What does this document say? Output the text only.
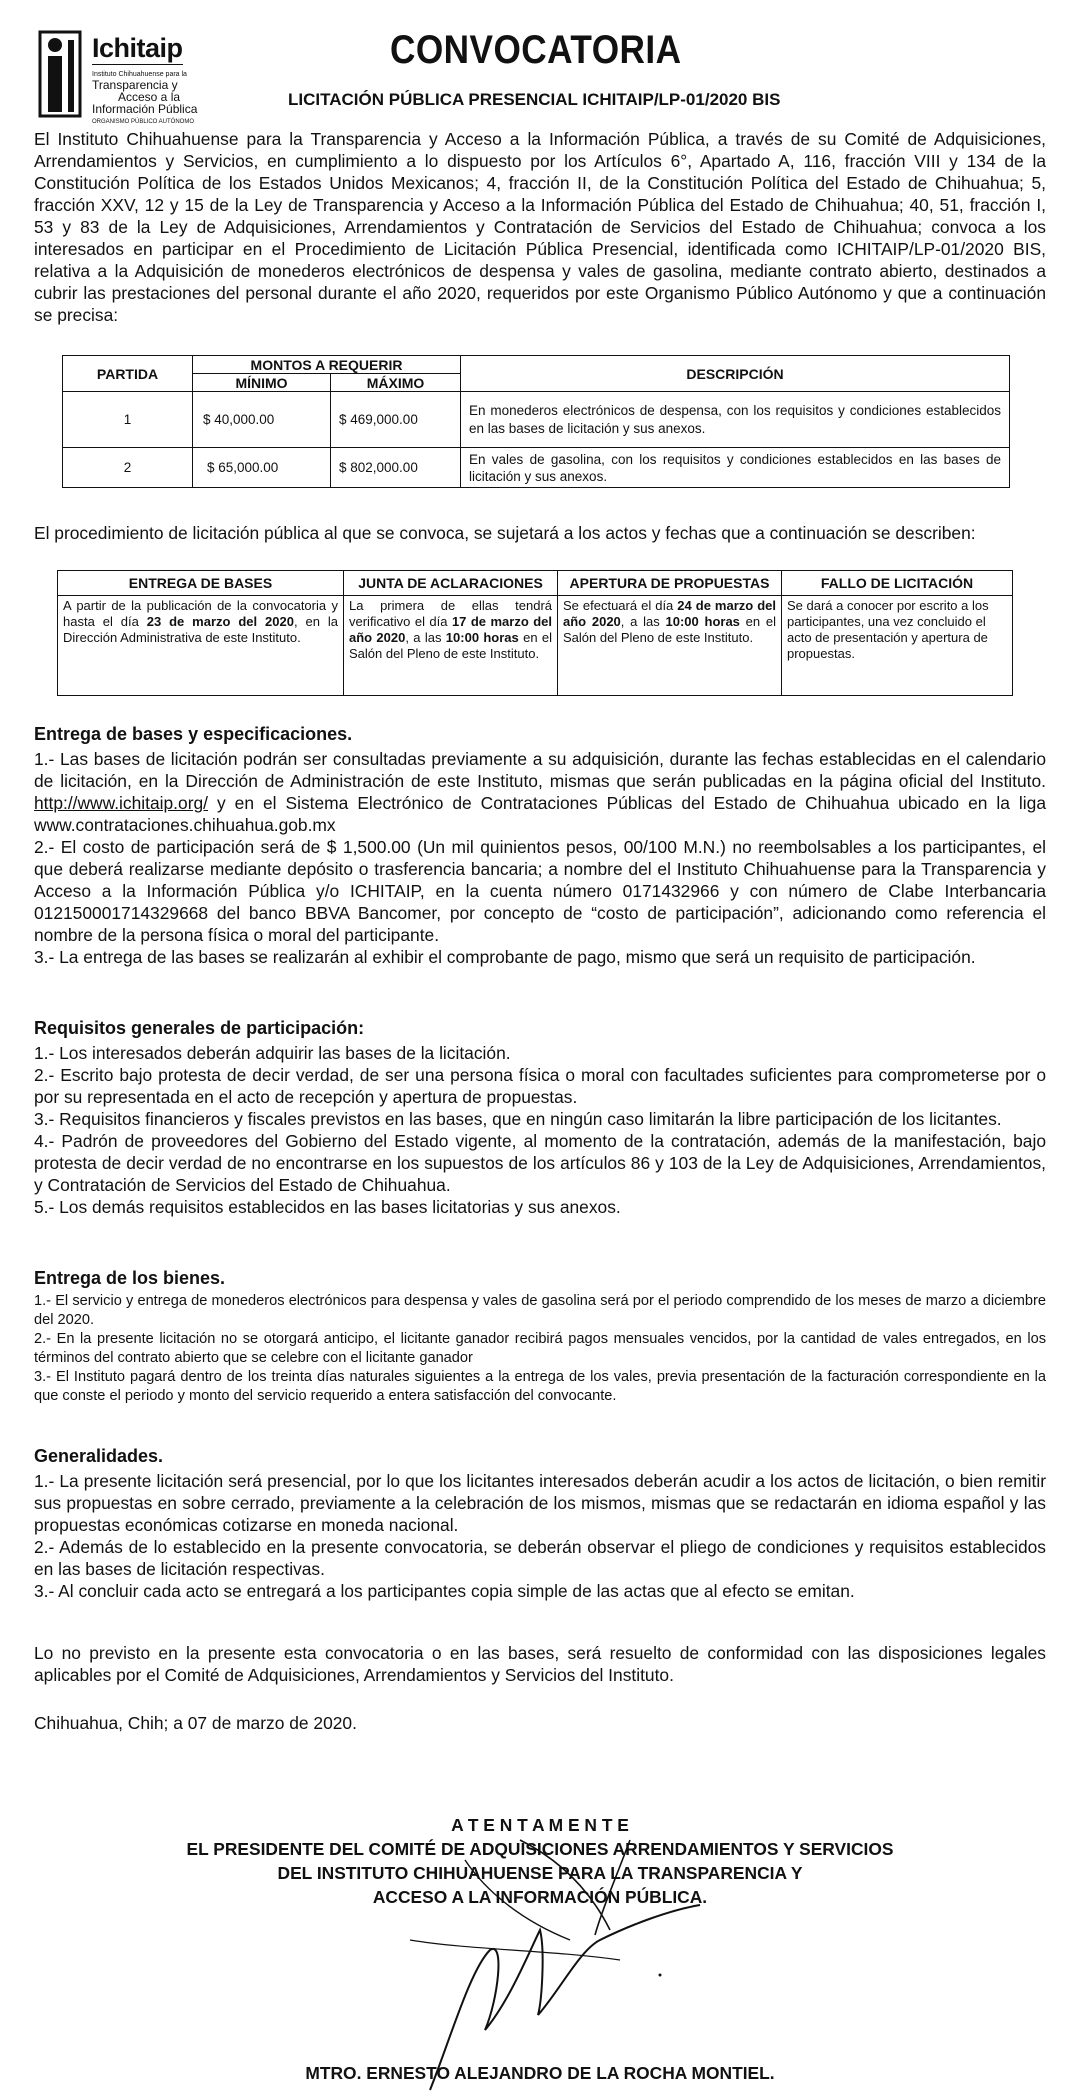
Ichitaip
Instituto Chihuahuense para la
Transparencia y
Acceso a la
Información Pública
ORGANISMO PÚBLICO AUTÓNOMO
CONVOCATORIA
LICITACIÓN PÚBLICA PRESENCIAL ICHITAIP/LP-01/2020 BIS

El Instituto Chihuahuense para la Transparencia y Acceso a la Información Pública, a través de su Comité de Adquisiciones, Arrendamientos y Servicios, en cumplimiento a lo dispuesto por los Artículos 6°, Apartado A, 116, fracción VIII y 134 de la Constitución Política de los Estados Unidos Mexicanos; 4, fracción II, de la Constitución Política del Estado de Chihuahua; 5, fracción XXV, 12 y 15 de la Ley de Transparencia y Acceso a la Información Pública del Estado de Chihuahua; 40, 51, fracción I, 53 y 83 de la Ley de Adquisiciones, Arrendamientos y Contratación de Servicios del Estado de Chihuahua; convoca a los interesados en participar en el Procedimiento de Licitación Pública Presencial, identificada como ICHITAIP/LP-01/2020 BIS, relativa a la Adquisición de monederos electrónicos de despensa y vales de gasolina, mediante contrato abierto, destinados a cubrir las prestaciones del personal durante el año 2020, requeridos por este Organismo Público Autónomo y que a continuación se precisa:

PARTIDA	MONTOS A REQUERIR		DESCRIPCIÓN
	MÍNIMO	MÁXIMO	
1	$ 40,000.00	$ 469,000.00	En monederos electrónicos de despensa, con los requisitos y condiciones establecidos en las bases de licitación y sus anexos.
2	$ 65,000.00	$ 802,000.00	En vales de gasolina, con los requisitos y condiciones establecidos en las bases de licitación y sus anexos.

El procedimiento de licitación pública al que se convoca, se sujetará a los actos y fechas que a continuación se describen:

ENTREGA DE BASES	JUNTA DE ACLARACIONES	APERTURA DE PROPUESTAS	FALLO DE LICITACIÓN
A partir de la publicación de la convocatoria y hasta el día 23 de marzo del 2020, en la Dirección Administrativa de este Instituto.	La primera de ellas tendrá verificativo el día 17 de marzo del año 2020, a las 10:00 horas en el Salón del Pleno de este Instituto.	Se efectuará el día 24 de marzo del año 2020, a las 10:00 horas en el Salón del Pleno de este Instituto.	Se dará a conocer por escrito a los participantes, una vez concluido el acto de presentación y apertura de propuestas.
Entrega de bases y especificaciones.
1.- Las bases de licitación podrán ser consultadas previamente a su adquisición, durante las fechas establecidas en el calendario de licitación, en la Dirección de Administración de este Instituto, mismas que serán publicadas en la página oficial del Instituto. http://www.ichitaip.org/ y en el Sistema Electrónico de Contrataciones Públicas del Estado de Chihuahua ubicado en la liga www.contrataciones.chihuahua.gob.mx
2.- El costo de participación será de $ 1,500.00 (Un mil quinientos pesos, 00/100 M.N.) no reembolsables a los participantes, el que deberá realizarse mediante depósito o trasferencia bancaria; a nombre del el Instituto Chihuahuense para la Transparencia y Acceso a la Información Pública y/o ICHITAIP, en la cuenta número 0171432966 y con número de Clabe Interbancaria 012150001714329668 del banco BBVA Bancomer, por concepto de “costo de participación”, adicionando como referencia el nombre de la persona física o moral del participante.
3.- La entrega de las bases se realizarán al exhibir el comprobante de pago, mismo que será un requisito de participación.
Requisitos generales de participación:
1.- Los interesados deberán adquirir las bases de la licitación.
2.- Escrito bajo protesta de decir verdad, de ser una persona física o moral con facultades suficientes para comprometerse por o por su representada en el acto de recepción y apertura de propuestas.
3.- Requisitos financieros y fiscales previstos en las bases, que en ningún caso limitarán la libre participación de los licitantes.
4.- Padrón de proveedores del Gobierno del Estado vigente, al momento de la contratación, además de la manifestación, bajo protesta de decir verdad de no encontrarse en los supuestos de los artículos 86 y 103 de la Ley de Adquisiciones, Arrendamientos, y Contratación de Servicios del Estado de Chihuahua.
5.- Los demás requisitos establecidos en las bases licitatorias y sus anexos.
Entrega de los bienes.
1.- El servicio y entrega de monederos electrónicos para despensa y vales de gasolina será por el periodo comprendido de los meses de marzo a diciembre del 2020.
2.- En la presente licitación no se otorgará anticipo, el licitante ganador recibirá pagos mensuales vencidos, por la cantidad de vales entregados, en los términos del contrato abierto que se celebre con el licitante ganador
3.- El Instituto pagará dentro de los treinta días naturales siguientes a la entrega de los vales, previa presentación de la facturación correspondiente en la que conste el periodo y monto del servicio requerido a entera satisfacción del convocante.
Generalidades.
1.- La presente licitación será presencial, por lo que los licitantes interesados deberán acudir a los actos de licitación, o bien remitir sus propuestas en sobre cerrado, previamente a la celebración de los mismos, mismas que se redactarán en idioma español y las propuestas económicas cotizarse en moneda nacional.
2.- Además de lo establecido en la presente convocatoria, se deberán observar el pliego de condiciones y requisitos establecidos en las bases de licitación respectivas.
3.- Al concluir cada acto se entregará a los participantes copia simple de las actas que al efecto se emitan.

Lo no previsto en la presente esta convocatoria o en las bases, será resuelto de conformidad con las disposiciones legales aplicables por el Comité de Adquisiciones, Arrendamientos y Servicios del Instituto.

Chihuahua, Chih; a 07 de marzo de 2020.

A T E N T A M E N T E

EL PRESIDENTE DEL COMITÉ DE ADQUISICIONES ARRENDAMIENTOS Y SERVICIOS

DEL INSTITUTO CHIHUAHUENSE PARA LA TRANSPARENCIA Y

ACCESO A LA INFORMACIÓN PÚBLICA.

MTRO. ERNESTO ALEJANDRO DE LA ROCHA MONTIEL.
